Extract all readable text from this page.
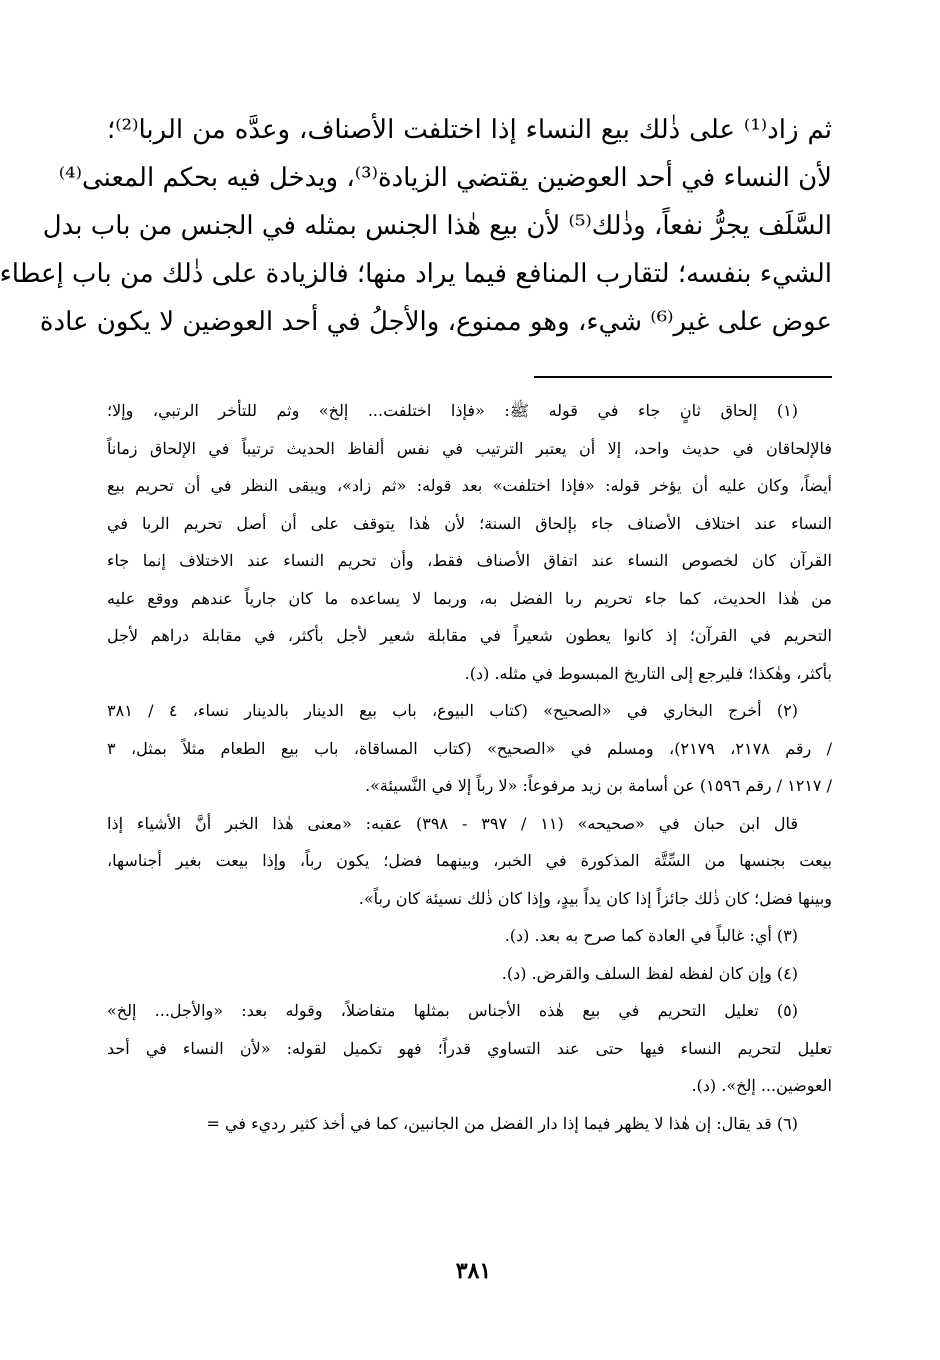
ثم زاد⁽¹⁾ على ذٰلك بيع النساء إذا اختلفت الأصناف، وعدَّه من الربا⁽²⁾؛
لأن النساء في أحد العوضين يقتضي الزيادة⁽³⁾، ويدخل فيه بحكم المعنى⁽⁴⁾
السَّلَف يجرُّ نفعاً، وذٰلك⁽⁵⁾ لأن بيع هٰذا الجنس بمثله في الجنس من باب بدل
الشيء بنفسه؛ لتقارب المنافع فيما يراد منها؛ فالزيادة على ذٰلك من باب إعطاء
عوض على غير⁽⁶⁾ شيء، وهو ممنوع، والأجلُ في أحد العوضين لا يكون عادة
(١) إلحاق ثانٍ جاء في قوله ﷺ: «فإذا اختلفت... إلخ» وثم للتأخر الرتبي، وإلا؛
فالإلحاقان في حديث واحد، إلا أن يعتبر الترتيب في نفس ألفاظ الحديث ترتيباً في الإلحاق زماناً
أيضاً، وكان عليه أن يؤخر قوله: «فإذا اختلفت» بعد قوله: «ثم زاد»، ويبقى النظر في أن تحريم بيع
النساء عند اختلاف الأصناف جاء بإلحاق السنة؛ لأن هٰذا يتوقف على أن أصل تحريم الربا في
القرآن كان لخصوص النساء عند اتفاق الأصناف فقط، وأن تحريم النساء عند الاختلاف إنما جاء
من هٰذا الحديث، كما جاء تحريم ربا الفضل به، وربما لا يساعده ما كان جارياً عندهم ووقع عليه
التحريم في القرآن؛ إذ كانوا يعطون شعيراً في مقابلة شعير لأجل بأكثر، في مقابلة دراهم لأجل
بأكثر، وهٰكذا؛ فليرجع إلى التاريخ المبسوط في مثله. (د).
(٢) أخرج البخاري في «الصحيح» (كتاب البيوع، باب بيع الدينار بالدينار نساء، ٤ / ٣٨١
/ رقم ٢١٧٨، ٢١٧٩)، ومسلم في «الصحيح» (كتاب المساقاة، باب بيع الطعام مثلاً بمثل، ٣
/ ١٢١٧ / رقم ١٥٩٦) عن أسامة بن زيد مرفوعاً: «لا رباً إلا في النَّسيئة».
قال ابن حبان في «صحيحه» (١١ / ٣٩٧ - ٣٩٨) عقبه: «معنى هٰذا الخبر أنَّ الأشياء إذا
بيعت بجنسها من السِّتَّة المذكورة في الخبر، وبينهما فضل؛ يكون رباً، وإذا بيعت بغير أجناسها،
وبينها فضل؛ كان ذٰلك جائزاً إذا كان يداً بيدٍ، وإذا كان ذٰلك نسيئة كان رباً».
(٣) أي: غالباً في العادة كما صرح به بعد. (د).
(٤) وإن كان لفظه لفظ السلف والقرض. (د).
(٥) تعليل التحريم في بيع هٰذه الأجناس بمثلها متفاضلاً، وقوله بعد: «والأجل... إلخ»
تعليل لتحريم النساء فيها حتى عند التساوي قدراً؛ فهو تكميل لقوله: «لأن النساء في أحد
العوضين... إلخ». (د).
(٦) قد يقال: إن هٰذا لا يظهر فيما إذا دار الفضل من الجانبين، كما في أخذ كثير رديء في =
٣٨١
